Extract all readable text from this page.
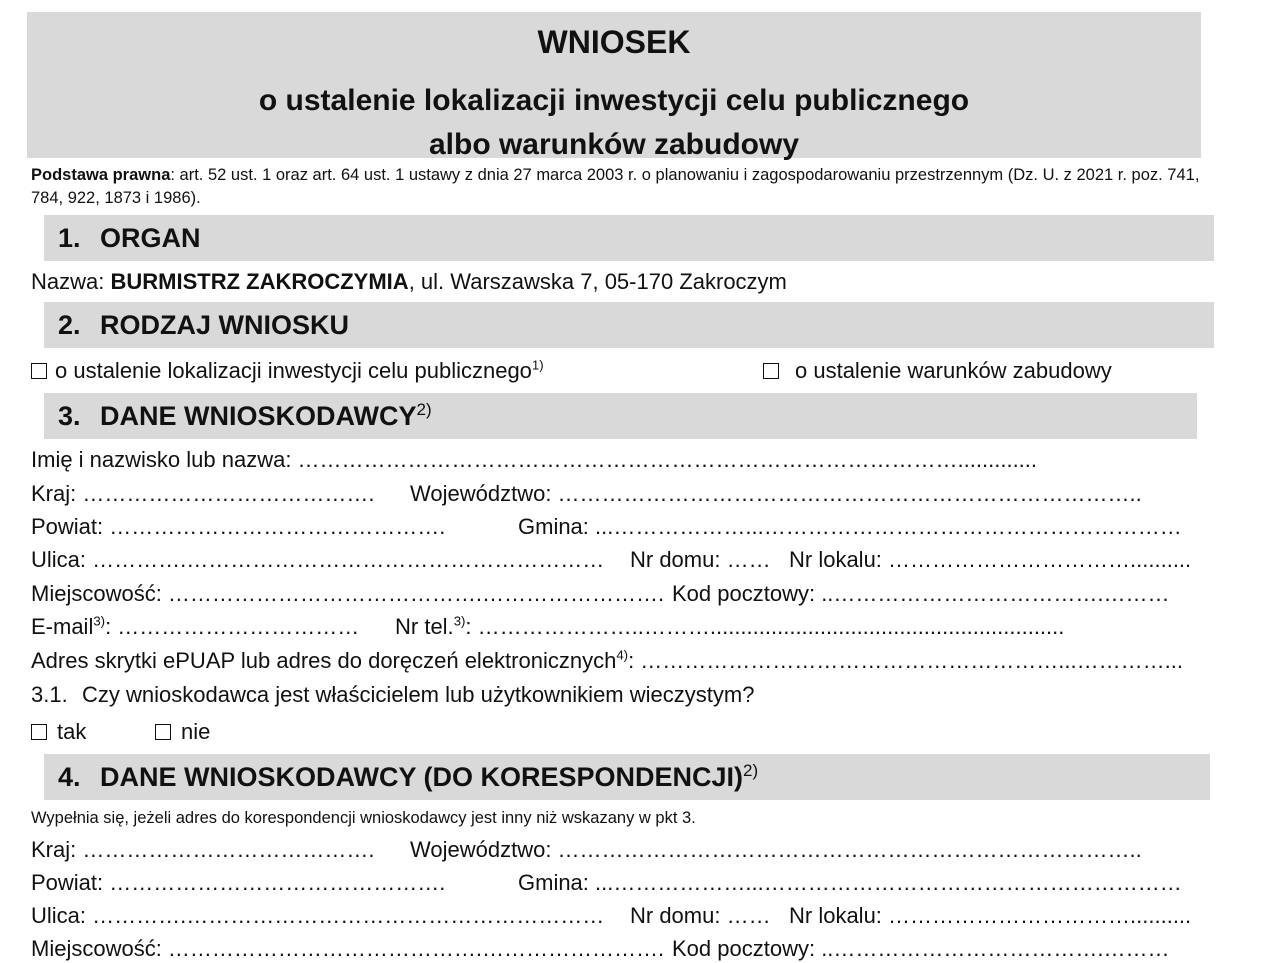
WNIOSEK
o ustalenie lokalizacji inwestycji celu publicznego
albo warunków zabudowy
Podstawa prawna: art. 52 ust. 1 oraz art. 64 ust. 1 ustawy z dnia 27 marca 2003 r. o planowaniu i zagospodarowaniu przestrzennym (Dz. U. z 2021 r. poz. 741, 784, 922, 1873 i 1986).
1. ORGAN
Nazwa: BURMISTRZ ZAKROCZYMIA, ul. Warszawska 7, 05-170 Zakroczym
2. RODZAJ WNIOSKU
o ustalenie lokalizacji inwestycji celu publicznego$^{1)}$	o ustalenie warunków zabudowy
3. DANE WNIOSKODAWCY$^{2)}$
Imię i nazwisko lub nazwa: ……………………………………………………………………………….............
Kraj: …………………………………. Województwo: ……………………………………………………………………..
Powiat: ……………………………………….	Gmina: ...………………...…………………………………………………
Ulica: ………….………………………………………………… Nr domu: …… Nr lokalu: ……………………………..........
Miejscowość: …………………………………….……………………. Kod pocztowy: ..……………………………….………
E-mail$^{3)}$: …………………………… Nr tel.$^{3)}$: …………………..………..........................................................
Adres skrytki ePUAP lub adres do doręczeń elektronicznych$^{4)}$: …………………………………………………...…………...
3.1. Czy wnioskodawca jest właścicielem lub użytkownikiem wieczystym?
tak	nie
4. DANE WNIOSKODAWCY (DO KORESPONDENCJI)$^{2)}$
Wypełnia się, jeżeli adres do korespondencji wnioskodawcy jest inny niż wskazany w pkt 3.
Kraj: …………………………………. Województwo: ……………………………………………………………………..
Powiat: ……………………………………….	Gmina: ...………………...…………………………………………………
Ulica: ………….………………………………………………… Nr domu: …… Nr lokalu: ……………………………..........
Miejscowość: …………………………………….……………………. Kod pocztowy: ..……………………………….………
